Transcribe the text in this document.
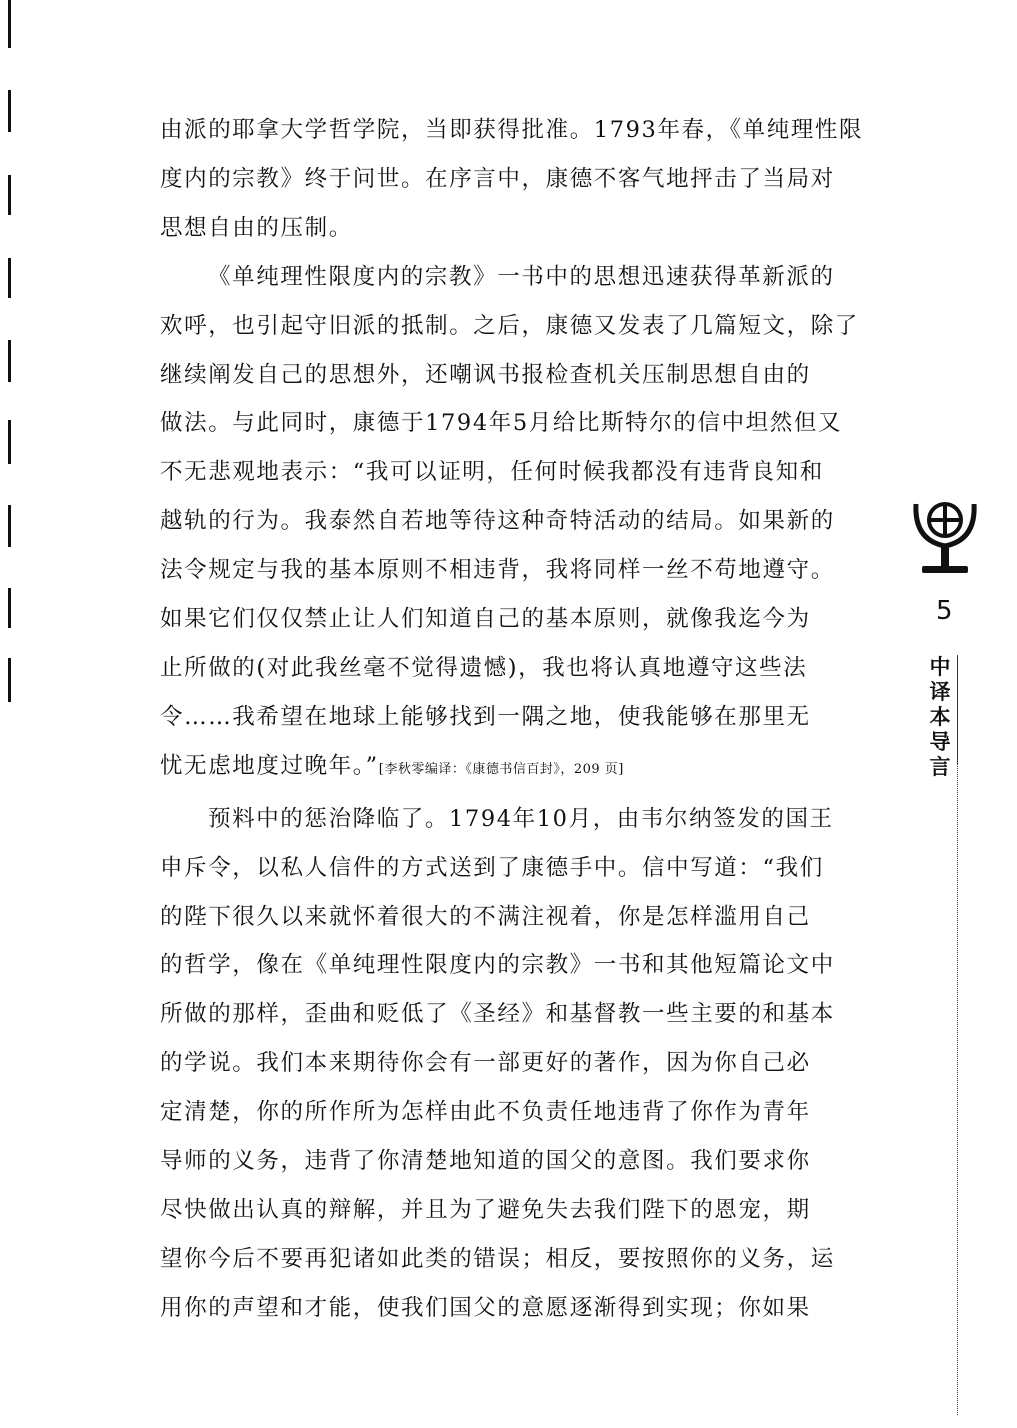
由派的耶拿大学哲学院，当即获得批准。1793年春，《单纯理性限
度内的宗教》终于问世。在序言中，康德不客气地抨击了当局对
思想自由的压制。

《单纯理性限度内的宗教》一书中的思想迅速获得革新派的
欢呼，也引起守旧派的抵制。之后，康德又发表了几篇短文，除了
继续阐发自己的思想外，还嘲讽书报检查机关压制思想自由的
做法。与此同时，康德于1794年5月给比斯特尔的信中坦然但又
不无悲观地表示：“我可以证明，任何时候我都没有违背良知和
越轨的行为。我泰然自若地等待这种奇特活动的结局。如果新的
法令规定与我的基本原则不相违背，我将同样一丝不苟地遵守。
如果它们仅仅禁止让人们知道自己的基本原则，就像我迄今为
止所做的(对此我丝毫不觉得遗憾)，我也将认真地遵守这些法
令……我希望在地球上能够找到一隅之地，使我能够在那里无
忧无虑地度过晚年。”[李秋零编译：《康德书信百封》，209 页]

预料中的惩治降临了。1794年10月，由韦尔纳签发的国王
申斥令，以私人信件的方式送到了康德手中。信中写道：“我们
的陛下很久以来就怀着很大的不满注视着，你是怎样滥用自己
的哲学，像在《单纯理性限度内的宗教》一书和其他短篇论文中
所做的那样，歪曲和贬低了《圣经》和基督教一些主要的和基本
的学说。我们本来期待你会有一部更好的著作，因为你自己必
定清楚，你的所作所为怎样由此不负责任地违背了你作为青年
导师的义务，违背了你清楚地知道的国父的意图。我们要求你
尽快做出认真的辩解，并且为了避免失去我们陛下的恩宠，期
望你今后不要再犯诸如此类的错误；相反，要按照你的义务，运
用你的声望和才能，使我们国父的意愿逐渐得到实现；你如果

5
中
译
本
导
言
